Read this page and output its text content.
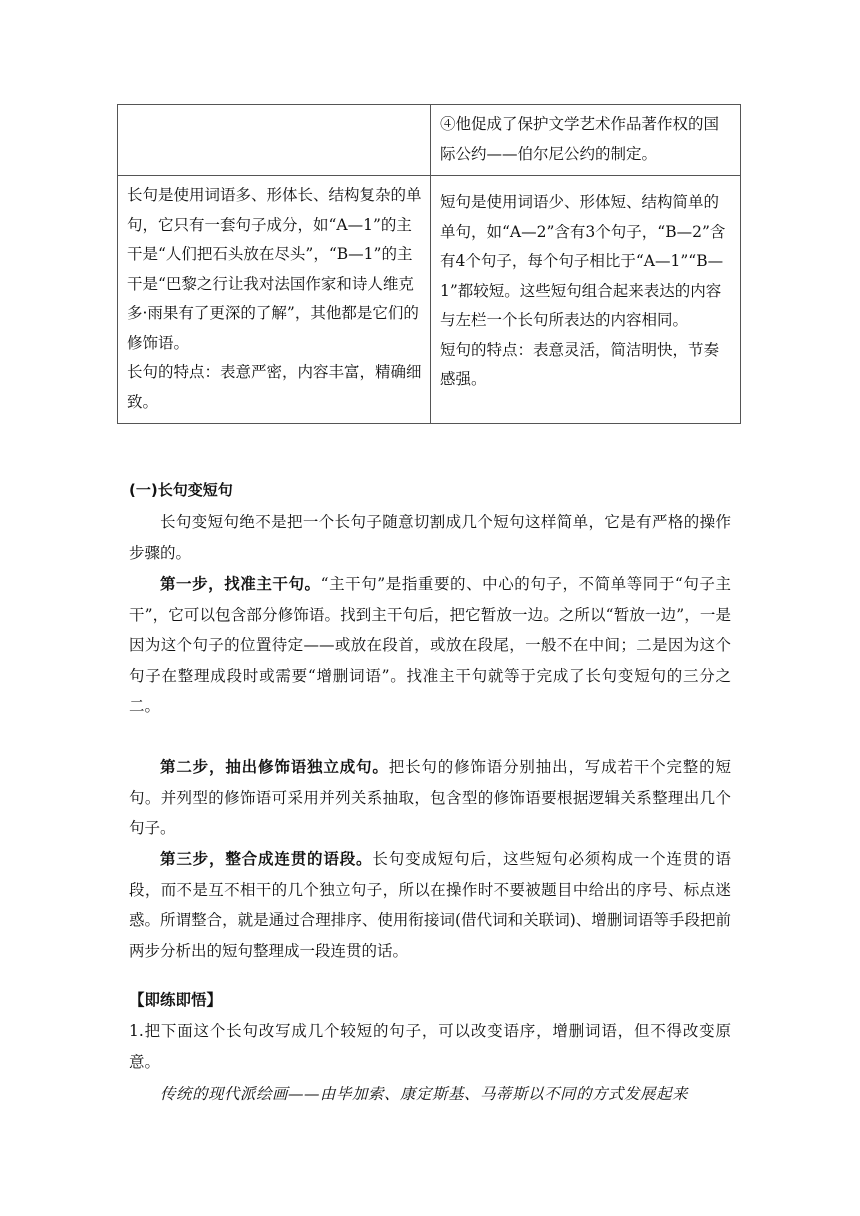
	④他促成了保护文学艺术作品著作权的国际公约——伯尔尼公约的制定。

长句是使用词语多、形体长、结构复杂的单句，它只有一套句子成分，如“A—1”的主干是“人们把石头放在尽头”，“B—1”的主干是“巴黎之行让我对法国作家和诗人维克多·雨果有了更深的了解”，其他都是它们的修饰语。
长句的特点：表意严密，内容丰富，精确细致。	短句是使用词语少、形体短、结构简单的单句，如“A—2”含有3个句子，“B—2”含有4个句子，每个句子相比于“A—1”“B—1”都较短。这些短句组合起来表达的内容与左栏一个长句所表达的内容相同。
短句的特点：表意灵活，简洁明快，节奏感强。
(一)长句变短句
长句变短句绝不是把一个长句子随意切割成几个短句这样简单，它是有严格的操作步骤的。
第一步，找准主干句。“主干句”是指重要的、中心的句子，不简单等同于“句子主干”，它可以包含部分修饰语。找到主干句后，把它暂放一边。之所以“暂放一边”，一是因为这个句子的位置待定——或放在段首，或放在段尾，一般不在中间；二是因为这个句子在整理成段时或需要“增删词语”。找准主干句就等于完成了长句变短句的三分之二。
第二步，抽出修饰语独立成句。把长句的修饰语分别抽出，写成若干个完整的短句。并列型的修饰语可采用并列关系抽取，包含型的修饰语要根据逻辑关系整理出几个句子。
第三步，整合成连贯的语段。长句变成短句后，这些短句必须构成一个连贯的语段，而不是互不相干的几个独立句子，所以在操作时不要被题目中给出的序号、标点迷惑。所谓整合，就是通过合理排序、使用衔接词(借代词和关联词)、增删词语等手段把前两步分析出的短句整理成一段连贯的话。
【即练即悟】
1.把下面这个长句改写成几个较短的句子，可以改变语序，增删词语，但不得改变原意。
传统的现代派绘画——由毕加索、康定斯基、马蒂斯以不同的方式发展起来
